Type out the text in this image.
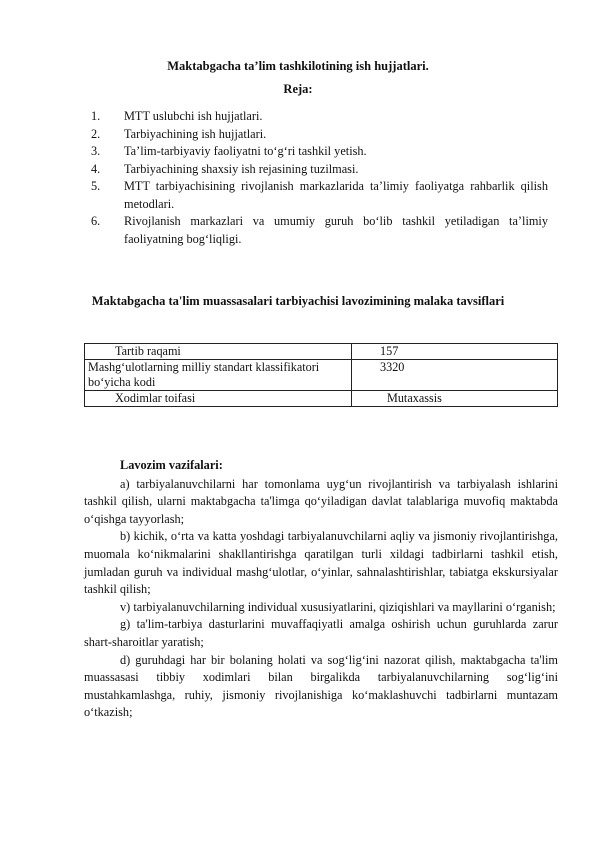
Maktabgacha ta’lim tashkilotining ish hujjatlari.
Reja:
1. MTT uslubchi ish hujjatlari.
2. Tarbiyachining ish hujjatlari.
3. Ta’lim-tarbiyaviy faoliyatni to‘g‘ri tashkil yetish.
4. Tarbiyachining shaxsiy ish rejasining tuzilmasi.
5. MTT tarbiyachisining rivojlanish markazlarida ta’limiy faoliyatga rahbarlik qilish metodlari.
6. Rivojlanish markazlari va umumiy guruh bo‘lib tashkil yetiladigan ta’limiy faoliyatning bog‘liqligi.
Maktabgacha ta'lim muassasalari tarbiyachisi lavozimining malaka tavsiflari
Tartib raqami	157
Mashg‘ulotlarning milliy standart klassifikatori bo‘yicha kodi	3320
Xodimlar toifasi	Mutaxassis
Lavozim vazifalari:

a) tarbiyalanuvchilarni har tomonlama uyg‘un rivojlantirish va tarbiyalash ishlarini tashkil qilish, ularni maktabgacha ta'limga qo‘yiladigan davlat talablariga muvofiq maktabda o‘qishga tayyorlash;

b) kichik, o‘rta va katta yoshdagi tarbiyalanuvchilarni aqliy va jismoniy rivojlantirishga, muomala ko‘nikmalarini shakllantirishga qaratilgan turli xildagi tadbirlarni tashkil etish, jumladan guruh va individual mashg‘ulotlar, o‘yinlar, sahnalashtirishlar, tabiatga ekskursiyalar tashkil qilish;

v) tarbiyalanuvchilarning individual xususiyatlarini, qiziqishlari va mayllarini o‘rganish;

g) ta'lim-tarbiya dasturlarini muvaffaqiyatli amalga oshirish uchun guruhlarda zarur shart-sharoitlar yaratish;

d) guruhdagi har bir bolaning holati va sog‘lig‘ini nazorat qilish, maktabgacha ta'lim muassasasi tibbiy xodimlari bilan birgalikda tarbiyalanuvchilarning sog‘lig‘ini mustahkamlashga, ruhiy, jismoniy rivojlanishiga ko‘maklashuvchi tadbirlarni muntazam o‘tkazish;
